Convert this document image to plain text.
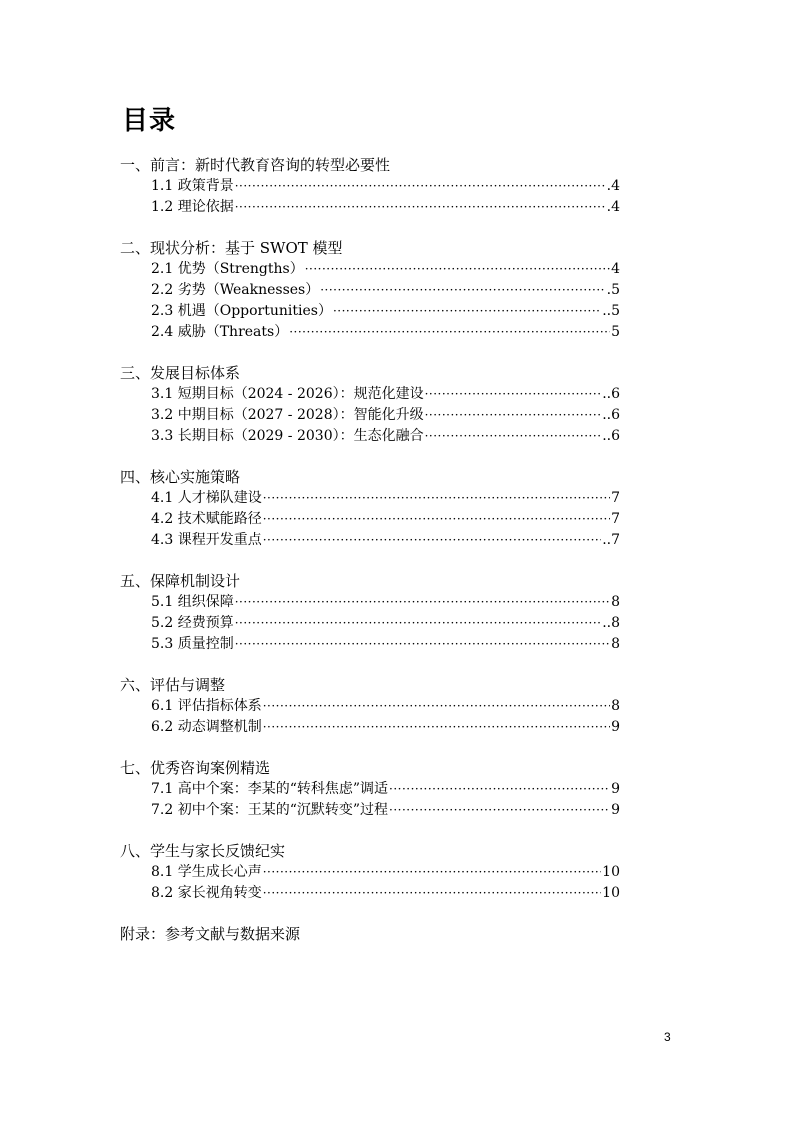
目录
一、前言：新时代教育咨询的转型必要性
1.1 政策背景 ·····	.4
1.2 理论依据 ·····	.4
二、现状分析：基于 SWOT 模型
2.1 优势（Strengths） ·····	4
2.2 劣势（Weaknesses） ·····	.5
2.3 机遇（Opportunities） ·····	..5
2.4 威胁（Threats） ·····	5
三、发展目标体系
3.1 短期目标（2024 - 2026）：规范化建设 ·····	..6
3.2 中期目标（2027 - 2028）：智能化升级 ·····	..6
3.3 长期目标（2029 - 2030）：生态化融合 ·····	..6
四、核心实施策略
4.1 人才梯队建设 ·····	7
4.2 技术赋能路径 ·····	7
4.3 课程开发重点 ·····	..7
五、保障机制设计
5.1 组织保障 ·····	8
5.2 经费预算 ·····	..8
5.3 质量控制 ·····	8
六、评估与调整
6.1 评估指标体系 ·····	8
6.2 动态调整机制 ·····	9
七、优秀咨询案例精选
7.1 高中个案：李某的“转科焦虑”调适 ·····	9
7.2 初中个案：王某的“沉默转变”过程 ·····	9
八、学生与家长反馈纪实
8.1 学生成长心声 ·····	10
8.2 家长视角转变 ·····	10
附录：参考文献与数据来源
3
